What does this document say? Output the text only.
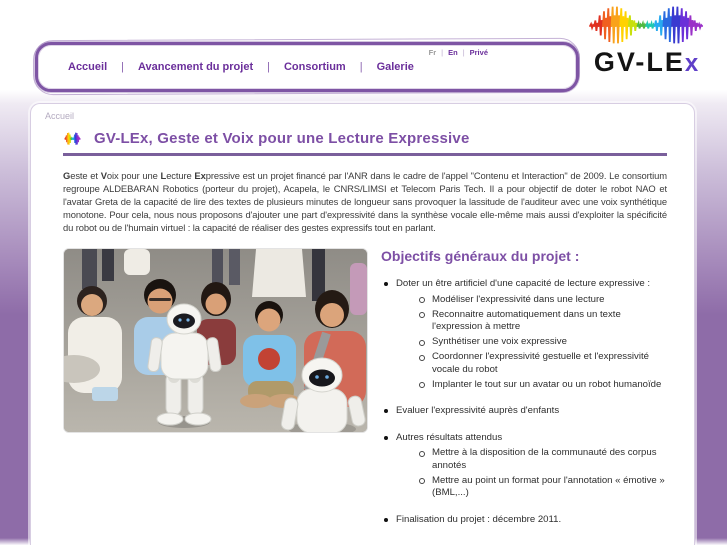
Accueil | Avancement du projet | Consortium | Galerie
Fr | En | Privé	GV-LEx
Accueil
GV-LEx, Geste et Voix pour une Lecture Expressive

Geste et Voix pour une Lecture Expressive est un projet financé par l'ANR dans le cadre de l'appel "Contenu et Interaction" de 2009. Le consortium regroupe ALDEBARAN Robotics (porteur du projet), Acapela, le CNRS/LIMSI et Telecom Paris Tech. Il a pour objectif de doter le robot NAO et l'avatar Greta de la capacité de lire des textes de plusieurs minutes de longueur sans provoquer la lassitude de l'auditeur avec une voix synthétique monotone. Pour cela, nous nous proposons d'ajouter une part d'expressivité dans la synthèse vocale elle-même mais aussi d'exploiter la spécificité du robot ou de l'humain virtuel : la capacité de réaliser des gestes expressifs tout en parlant.

Objectifs généraux du projet :
Doter un être artificiel d'une capacité de lecture expressive :
Modéliser l'expressivité dans une lecture
Reconnaitre automatiquement dans un texte l'expression à mettre
Synthétiser une voix expressive
Coordonner l'expressivité gestuelle et l'expressivité vocale du robot
Implanter le tout sur un avatar ou un robot humanoïde
Evaluer l'expressivité auprès d'enfants
Autres résultats attendus
Mettre à la disposition de la communauté des corpus annotés
Mettre au point un format pour l'annotation « émotive » (BML,...)
Finalisation du projet : décembre 2011.
